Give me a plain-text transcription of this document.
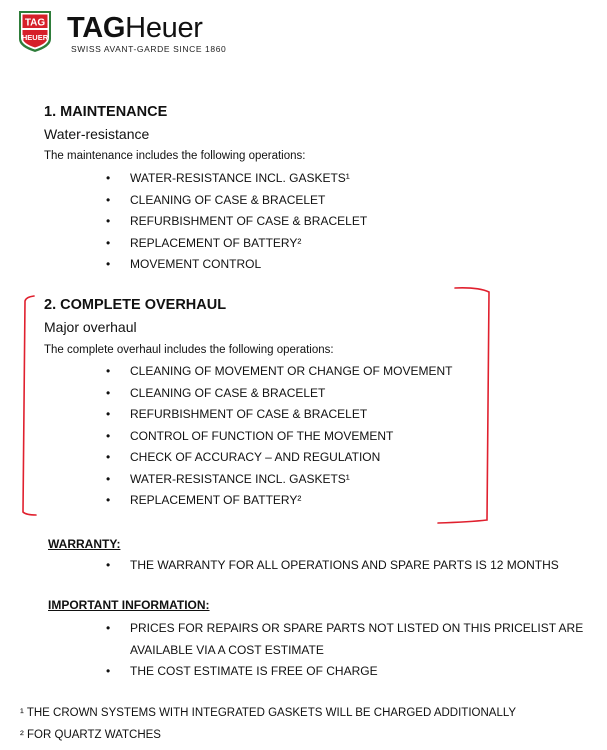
TAG
HEUER TAGHeuer
SWISS AVANT-GARDE SINCE 1860
1. MAINTENANCE
Water-resistance
The maintenance includes the following operations:
• WATER-RESISTANCE INCL. GASKETS¹
• CLEANING OF CASE & BRACELET
• REFURBISHMENT OF CASE & BRACELET
• REPLACEMENT OF BATTERY²
• MOVEMENT CONTROL
2. COMPLETE OVERHAUL
Major overhaul
The complete overhaul includes the following operations:
• CLEANING OF MOVEMENT OR CHANGE OF MOVEMENT
• CLEANING OF CASE & BRACELET
• REFURBISHMENT OF CASE & BRACELET
• CONTROL OF FUNCTION OF THE MOVEMENT
• CHECK OF ACCURACY – AND REGULATION
• WATER-RESISTANCE INCL. GASKETS¹
• REPLACEMENT OF BATTERY²
WARRANTY:
• THE WARRANTY FOR ALL OPERATIONS AND SPARE PARTS IS 12 MONTHS
IMPORTANT INFORMATION:
• PRICES FOR REPAIRS OR SPARE PARTS NOT LISTED ON THIS PRICELIST ARE AVAILABLE VIA A COST ESTIMATE
• THE COST ESTIMATE IS FREE OF CHARGE
¹ THE CROWN SYSTEMS WITH INTEGRATED GASKETS WILL BE CHARGED ADDITIONALLY
² FOR QUARTZ WATCHES
